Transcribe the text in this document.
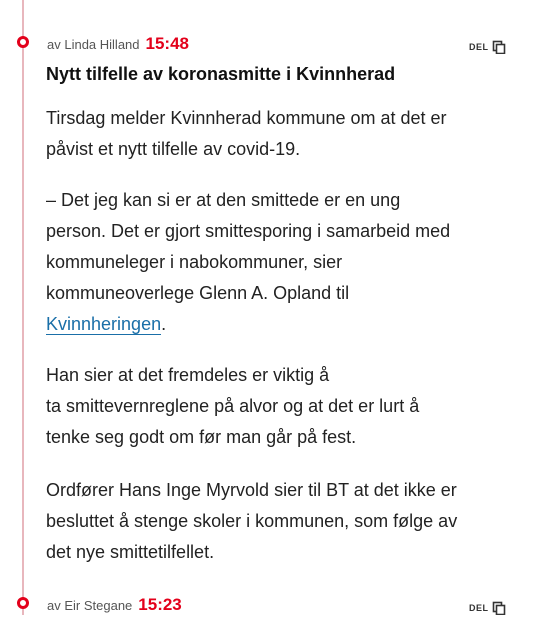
av Linda Hilland 15:48	DEL
Nytt tilfelle av koronasmitte i Kvinnherad

Tirsdag melder Kvinnherad kommune om at det er
påvist et nytt tilfelle av covid-19.

– Det jeg kan si er at den smittede er en ung
person. Det er gjort smittesporing i samarbeid med
kommuneleger i nabokommuner, sier
kommuneoverlege Glenn A. Opland til
Kvinnheringen.

Han sier at det fremdeles er viktig å
ta smittevernreglene på alvor og at det er lurt å
tenke seg godt om før man går på fest.

Ordfører Hans Inge Myrvold sier til BT at det ikke er
besluttet å stenge skoler i kommunen, som følge av
det nye smittetilfellet.

av Eir Stegane 15:23	DEL
